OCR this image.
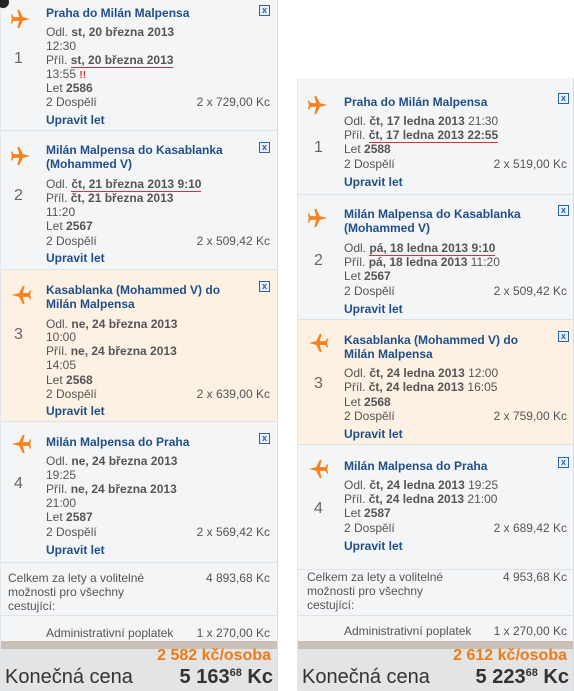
1
Praha do Milán Malpensa	x
Odl. st, 20 března 2013
12:30
Příl. st, 20 března 2013
13:55 !!
Let 2586
2 Dospělí	2 x 729,00 Kc
Upravit let
2
Milán Malpensa do Kasablanka (Mohammed V)
x
Odl. čt, 21 března 2013 9:10
Příl. čt, 21 března 2013
11:20
Let 2567
2 Dospělí	2 x 509,42 Kc
Upravit let
3
Kasablanka (Mohammed V) do Milán Malpensa
x
Odl. ne, 24 března 2013
10:00
Příl. ne, 24 března 2013
14:05
Let 2568
2 Dospělí	2 x 639,00 Kc
Upravit let
4
Milán Malpensa do Praha	x
Odl. ne, 24 března 2013
19:25
Příl. ne, 24 března 2013
21:00
Let 2587
2 Dospělí	2 x 569,42 Kc
Upravit let
Celkem za lety a volitelné možnosti pro všechny cestující:
4 893,68 Kc
Administrativní poplatek 1 x 270,00 Kc
2 582 kč/osoba
Konečná cena 5 $163^{68}$ Kc
1
Praha do Milán Malpensa	x
Odl. čt, 17 ledna 2013 21:30
Příl. čt, 17 ledna 2013 22:55
Let 2588
2 Dospělí	2 x 519,00 Kc
Upravit let
2
Milán Malpensa do Kasablanka (Mohammed V)
x
Odl. pá, 18 ledna 2013 9:10
Příl. pá, 18 ledna 2013 11:20
Let 2567
2 Dospělí	2 x 509,42 Kc
Upravit let
3
Kasablanka (Mohammed V) do Milán Malpensa
x
Odl. čt, 24 ledna 2013 12:00
Příl. čt, 24 ledna 2013 16:05
Let 2568
2 Dospělí	2 x 759,00 Kc
Upravit let
4
Milán Malpensa do Praha	x
Odl. čt, 24 ledna 2013 19:25
Příl. čt, 24 ledna 2013 21:00
Let 2587
2 Dospělí	2 x 689,42 Kc
Upravit let
Celkem za lety a volitelné možnosti pro všechny cestující:
4 953,68 Kc
Administrativní poplatek 1 x 270,00 Kc
2 612 kč/osoba
Konečná cena 5 $223^{68}$ Kc
